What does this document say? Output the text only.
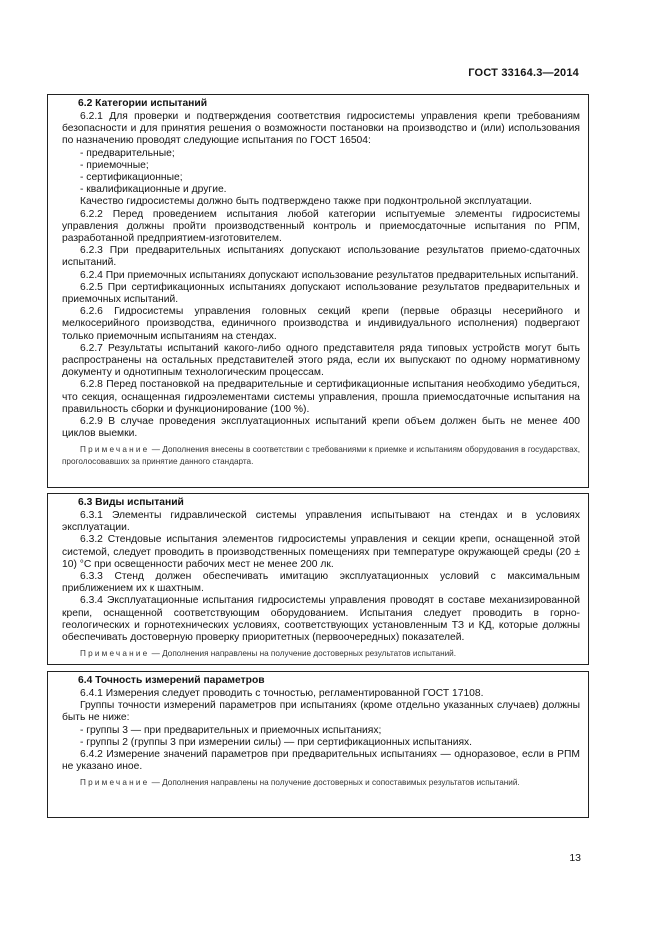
ГОСТ 33164.3—2014
6.2 Категории испытаний

6.2.1 Для проверки и подтверждения соответствия гидросистемы управления крепи требованиям безопасности и для принятия решения о возможности постановки на производство и (или) использования по назначению проводят следующие испытания по ГОСТ 16504:

- предварительные;

- приемочные;

- сертификационные;

- квалификационные и другие.

Качество гидросистемы должно быть подтверждено также при подконтрольной эксплуатации.

6.2.2 Перед проведением испытания любой категории испытуемые элементы гидросистемы управления должны пройти производственный контроль и приемосдаточные испытания по РПМ, разработанной предприятием-изготовителем.

6.2.3 При предварительных испытаниях допускают использование результатов приемо-сдаточных испытаний.

6.2.4 При приемочных испытаниях допускают использование результатов предварительных испытаний.

6.2.5 При сертификационных испытаниях допускают использование результатов предварительных и приемочных испытаний.

6.2.6 Гидросистемы управления головных секций крепи (первые образцы несерийного и мелкосерийного производства, единичного производства и индивидуального исполнения) подвергают только приемочным испытаниям на стендах.

6.2.7 Результаты испытаний какого-либо одного представителя ряда типовых устройств могут быть распространены на остальных представителей этого ряда, если их выпускают по одному нормативному документу и однотипным технологическим процессам.

6.2.8 Перед постановкой на предварительные и сертификационные испытания необходимо убедиться, что секция, оснащенная гидроэлементами системы управления, прошла приемосдаточные испытания на правильность сборки и функционирование (100 %).

6.2.9 В случае проведения эксплуатационных испытаний крепи объем должен быть не менее 400 циклов выемки.

Примечание — Дополнения внесены в соответствии с требованиями к приемке и испытаниям оборудования в государствах, проголосовавших за принятие данного стандарта.

6.3 Виды испытаний

6.3.1 Элементы гидравлической системы управления испытывают на стендах и в условиях эксплуатации.

6.3.2 Стендовые испытания элементов гидросистемы управления и секции крепи, оснащенной этой системой, следует проводить в производственных помещениях при температуре окружающей среды (20 ± 10) °С при освещенности рабочих мест не менее 200 лк.

6.3.3 Стенд должен обеспечивать имитацию эксплуатационных условий с максимальным приближением их к шахтным.

6.3.4 Эксплуатационные испытания гидросистемы управления проводят в составе механизированной крепи, оснащенной соответствующим оборудованием. Испытания следует проводить в горно-геологических и горнотехнических условиях, соответствующих установленным ТЗ и КД, которые должны обеспечивать достоверную проверку приоритетных (первоочередных) показателей.

Примечание — Дополнения направлены на получение достоверных результатов испытаний.

6.4 Точность измерений параметров

6.4.1 Измерения следует проводить с точностью, регламентированной ГОСТ 17108.

Группы точности измерений параметров при испытаниях (кроме отдельно указанных случаев) должны быть не ниже:

- группы 3 — при предварительных и приемочных испытаниях;

- группы 2 (группы 3 при измерении силы) — при сертификационных испытаниях.

6.4.2 Измерение значений параметров при предварительных испытаниях — одноразовое, если в РПМ не указано иное.

Примечание — Дополнения направлены на получение достоверных и сопоставимых результатов испытаний.

13
